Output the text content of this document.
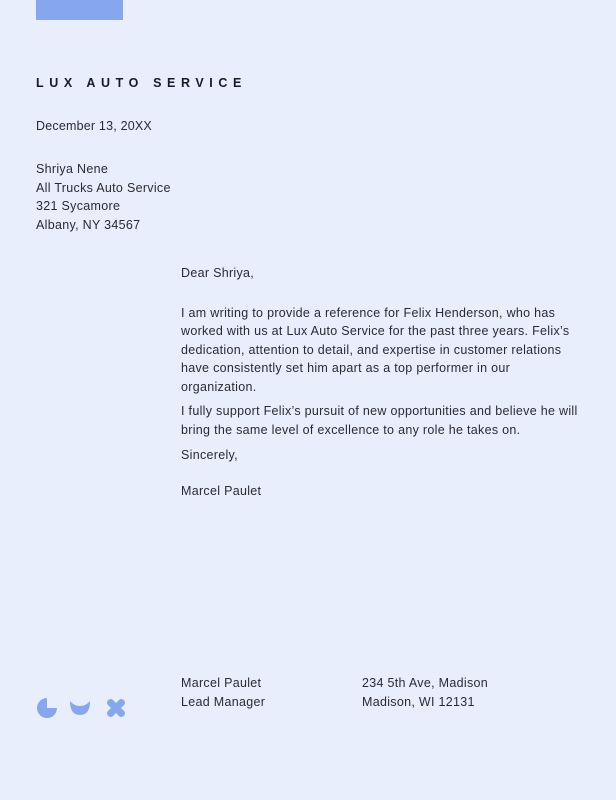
LUX AUTO SERVICE
December 13, 20XX
Shriya Nene
All Trucks Auto Service
321 Sycamore
Albany, NY 34567

Dear Shriya,

I am writing to provide a reference for Felix Henderson, who has worked with us at Lux Auto Service for the past three years. Felix’s dedication, attention to detail, and expertise in customer relations have consistently set him apart as a top performer in our organization.

I fully support Felix’s pursuit of new opportunities and believe he will bring the same level of excellence to any role he takes on.

Sincerely,

Marcel Paulet

Marcel Paulet
Lead Manager
234 5th Ave, Madison
Madison, WI 12131
